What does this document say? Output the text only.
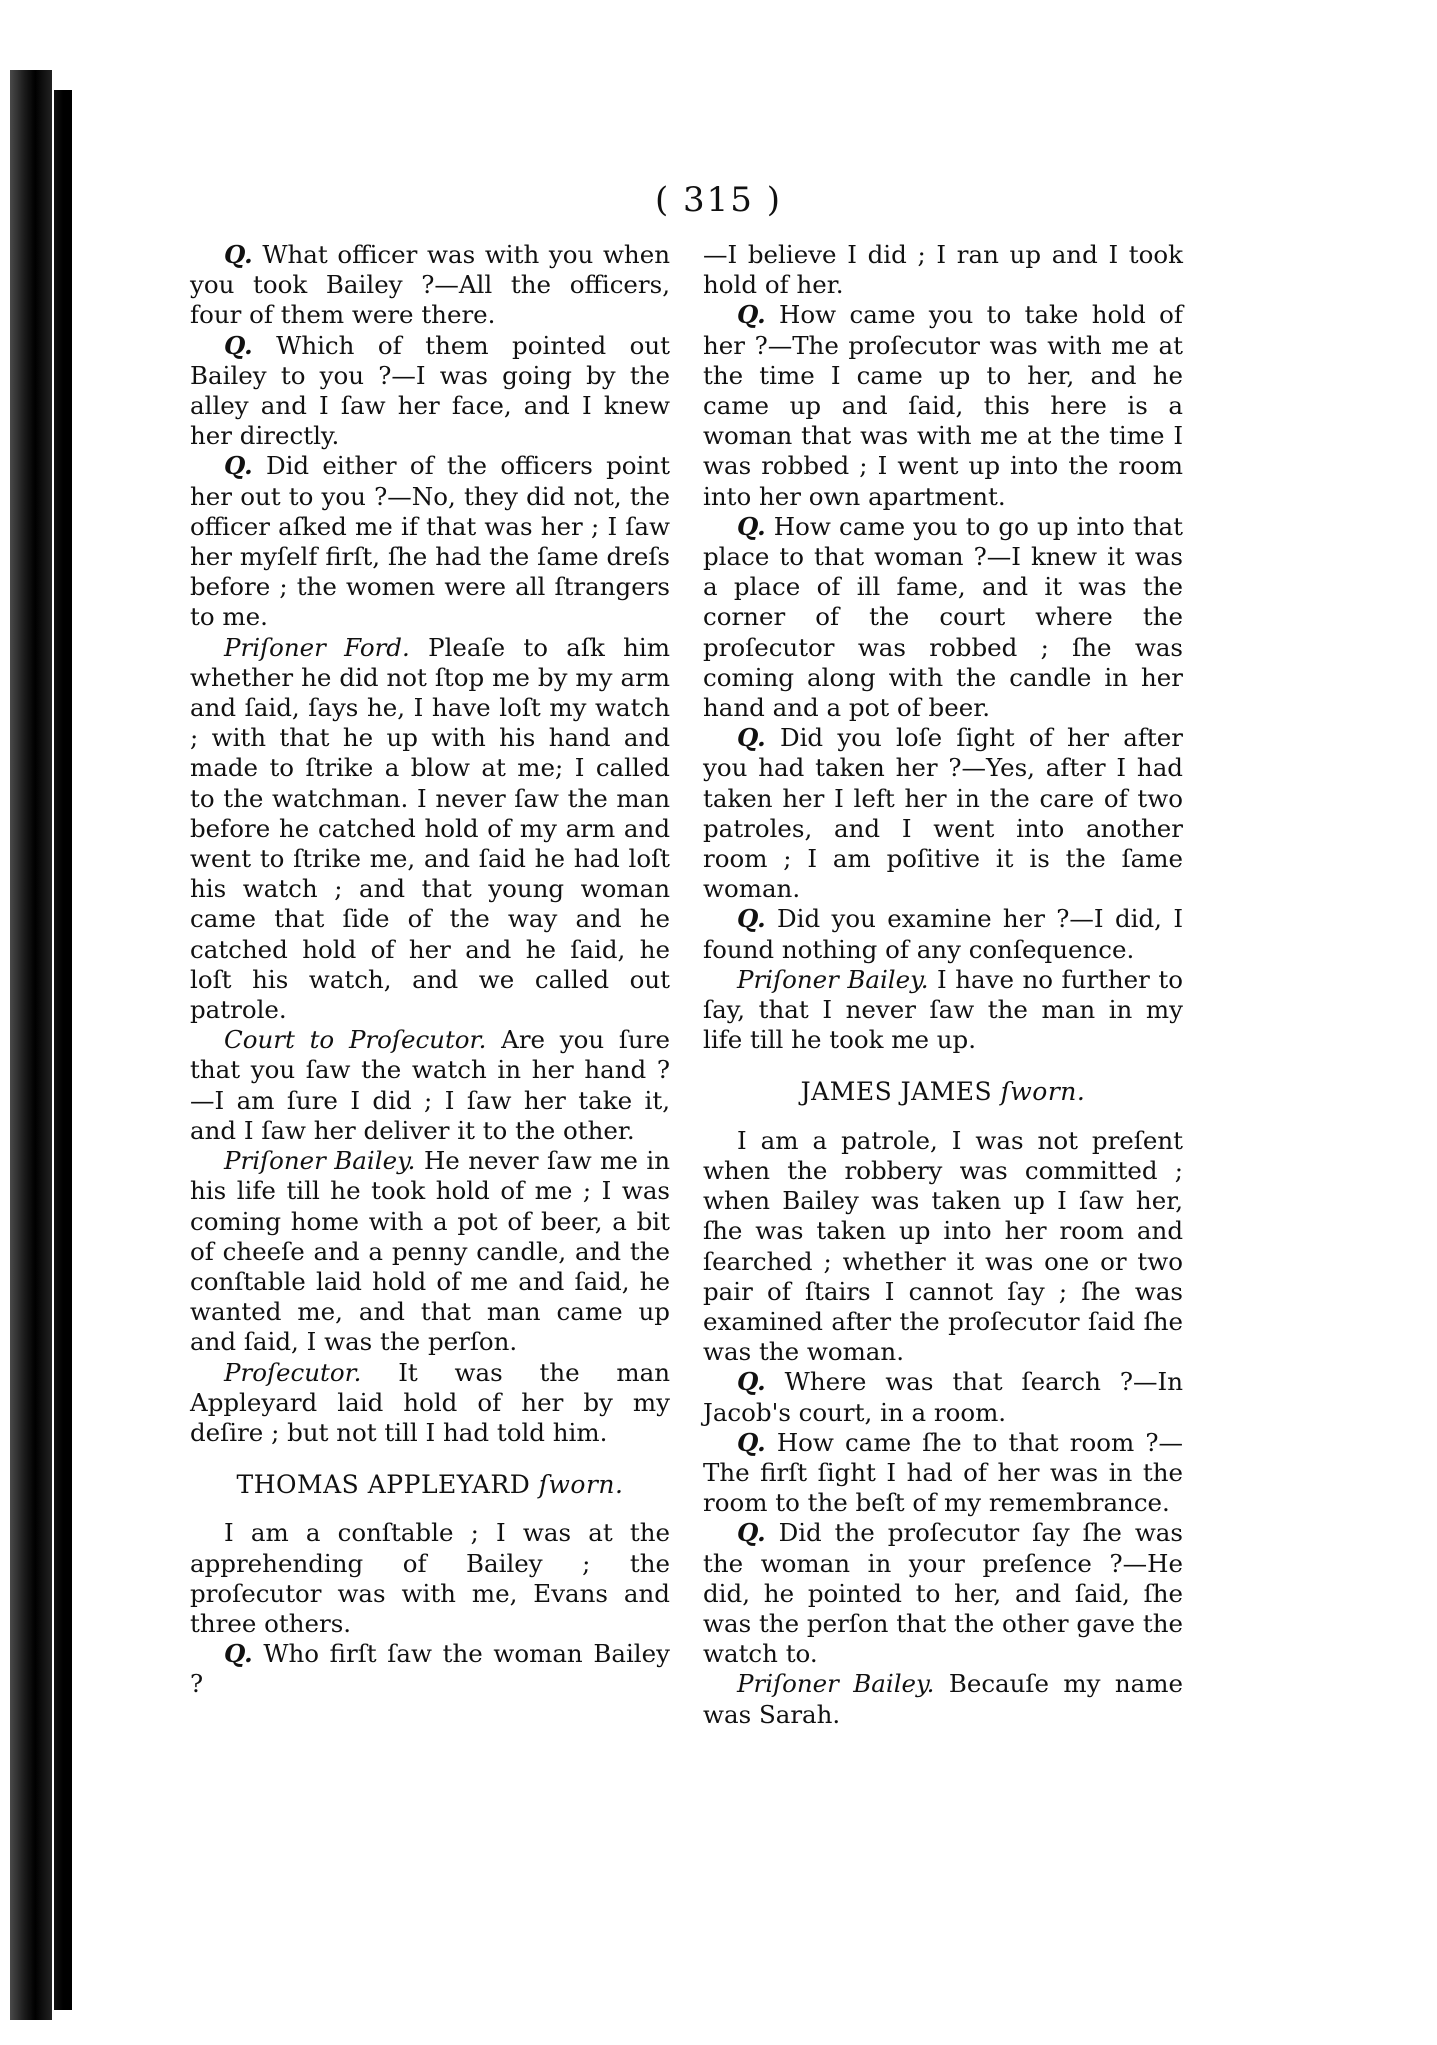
( 315 )

Q. What officer was with you when you took Bailey ?—All the officers, four of them were there.

Q. Which of them pointed out Bailey to you ?—I was going by the alley and I ſaw her face, and I knew her directly.

Q. Did either of the officers point her out to you ?—No, they did not, the officer aſked me if that was her ; I ſaw her myſelf firſt, ſhe had the ſame dreſs before ; the women were all ſtrangers to me.

Priſoner Ford. Pleaſe to aſk him whether he did not ſtop me by my arm and ſaid, ſays he, I have loſt my watch ; with that he up with his hand and made to ſtrike a blow at me; I called to the watchman. I never ſaw the man before he catched hold of my arm and went to ſtrike me, and ſaid he had loſt his watch ; and that young woman came that ſide of the way and he catched hold of her and he ſaid, he loſt his watch, and we called out patrole.

Court to Proſecutor. Are you ſure that you ſaw the watch in her hand ? —I am ſure I did ; I ſaw her take it, and I ſaw her deliver it to the other.

Priſoner Bailey. He never ſaw me in his life till he took hold of me ; I was coming home with a pot of beer, a bit of cheeſe and a penny candle, and the conſtable laid hold of me and ſaid, he wanted me, and that man came up and ſaid, I was the perſon.

Proſecutor. It was the man Appleyard laid hold of her by my deſire ; but not till I had told him.

THOMAS APPLEYARD ſworn.

I am a conſtable ; I was at the apprehending of Bailey ; the proſecutor was with me, Evans and three others.

Q. Who firſt ſaw the woman Bailey ?

—I believe I did ; I ran up and I took hold of her.

Q. How came you to take hold of her ?—The proſecutor was with me at the time I came up to her, and he came up and ſaid, this here is a woman that was with me at the time I was robbed ; I went up into the room into her own apartment.

Q. How came you to go up into that place to that woman ?—I knew it was a place of ill fame, and it was the corner of the court where the proſecutor was robbed ; ſhe was coming along with the candle in her hand and a pot of beer.

Q. Did you loſe ſight of her after you had taken her ?—Yes, after I had taken her I left her in the care of two patroles, and I went into another room ; I am poſitive it is the ſame woman.

Q. Did you examine her ?—I did, I found nothing of any conſequence.

Priſoner Bailey. I have no further to ſay, that I never ſaw the man in my life till he took me up.

JAMES JAMES ſworn.

I am a patrole, I was not preſent when the robbery was committed ; when Bailey was taken up I ſaw her, ſhe was taken up into her room and ſearched ; whether it was one or two pair of ſtairs I cannot ſay ; ſhe was examined after the proſecutor ſaid ſhe was the woman.

Q. Where was that ſearch ?—In Jacob's court, in a room.

Q. How came ſhe to that room ?—The firſt ſight I had of her was in the room to the beſt of my remembrance.

Q. Did the proſecutor ſay ſhe was the woman in your preſence ?—He did, he pointed to her, and ſaid, ſhe was the perſon that the other gave the watch to.

Priſoner Bailey. Becauſe my name was Sarah.
